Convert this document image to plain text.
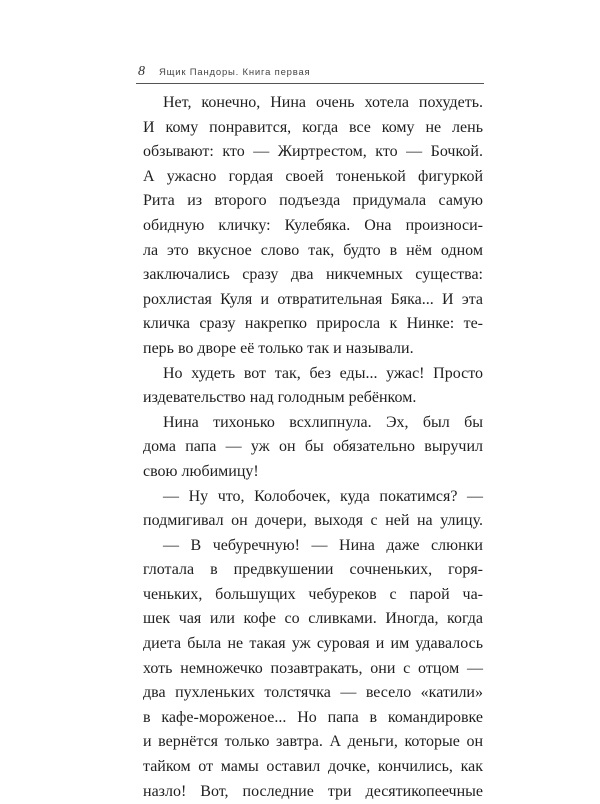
8 Ящик Пандоры. Книга первая
Нет, конечно, Нина очень хотела похудеть.
И кому понравится, когда все кому не лень
обзывают: кто — Жиртрестом, кто — Бочкой.
А ужасно гордая своей тоненькой фигуркой
Рита из второго подъезда придумала самую
обидную кличку: Кулебяка. Она произноси-
ла это вкусное слово так, будто в нём одном
заключались сразу два никчемных существа:
рохлистая Куля и отвратительная Бяка... И эта
кличка сразу накрепко приросла к Нинке: те-
перь во дворе её только так и называли.
Но худеть вот так, без еды... ужас! Просто
издевательство над голодным ребёнком.
Нина тихонько всхлипнула. Эх, был бы
дома папа — уж он бы обязательно выручил
свою любимицу!
— Ну что, Колобочек, куда покатимся? —
подмигивал он дочери, выходя с ней на улицу.
— В чебуречную! — Нина даже слюнки
глотала в предвкушении сочненьких, горя-
ченьких, большущих чебуреков с парой ча-
шек чая или кофе со сливками. Иногда, когда
диета была не такая уж суровая и им удавалось
хоть немножечко позавтракать, они с отцом —
два пухленьких толстячка — весело «катили»
в кафе-мороженое... Но папа в командировке
и вернётся только завтра. А деньги, которые он
тайком от мамы оставил дочке, кончились, как
назло! Вот, последние три десятикопеечные
